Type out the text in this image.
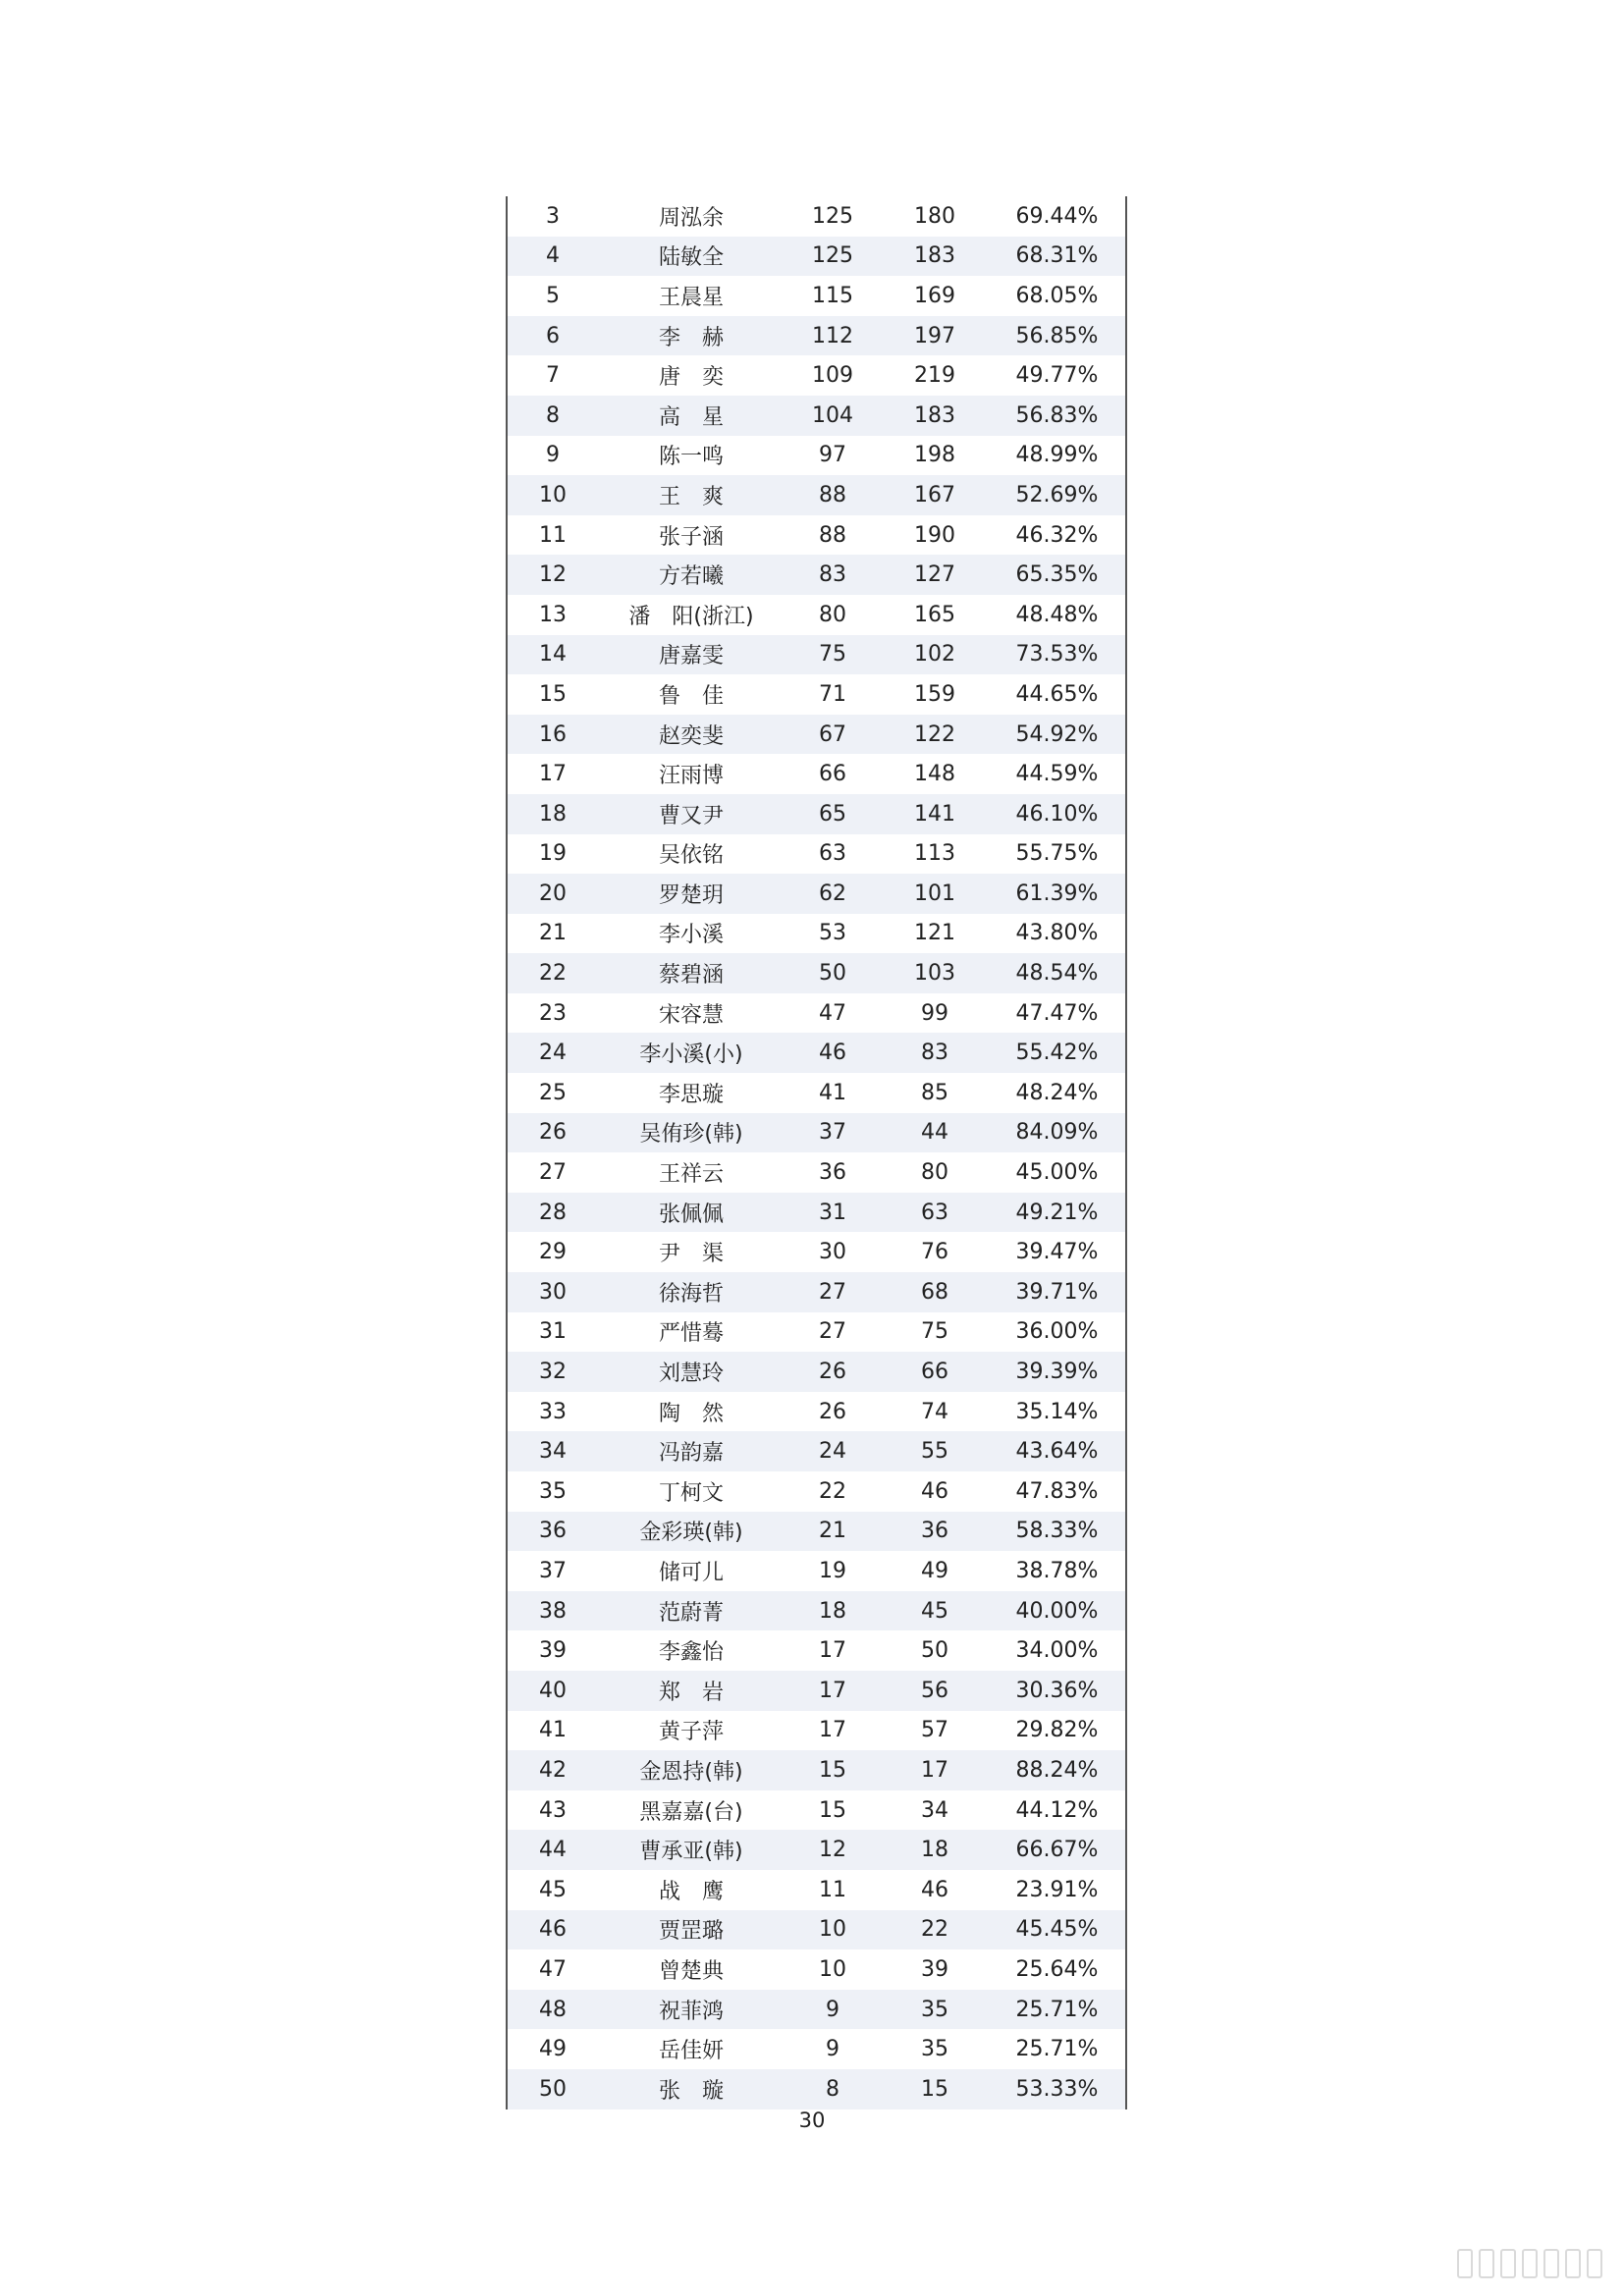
3	周泓余	125	180	69.44%
4	陆敏全	125	183	68.31%
5	王晨星	115	169	68.05%
6	李　赫	112	197	56.85%
7	唐　奕	109	219	49.77%
8	高　星	104	183	56.83%
9	陈一鸣	97	198	48.99%
10	王　爽	88	167	52.69%
11	张子涵	88	190	46.32%
12	方若曦	83	127	65.35%
13	潘　阳(浙江)	80	165	48.48%
14	唐嘉雯	75	102	73.53%
15	鲁　佳	71	159	44.65%
16	赵奕斐	67	122	54.92%
17	汪雨博	66	148	44.59%
18	曹又尹	65	141	46.10%
19	吴依铭	63	113	55.75%
20	罗楚玥	62	101	61.39%
21	李小溪	53	121	43.80%
22	蔡碧涵	50	103	48.54%
23	宋容慧	47	99	47.47%
24	李小溪(小)	46	83	55.42%
25	李思璇	41	85	48.24%
26	吴侑珍(韩)	37	44	84.09%
27	王祥云	36	80	45.00%
28	张佩佩	31	63	49.21%
29	尹　渠	30	76	39.47%
30	徐海哲	27	68	39.71%
31	严惜蓦	27	75	36.00%
32	刘慧玲	26	66	39.39%
33	陶　然	26	74	35.14%
34	冯韵嘉	24	55	43.64%
35	丁柯文	22	46	47.83%
36	金彩瑛(韩)	21	36	58.33%
37	储可儿	19	49	38.78%
38	范蔚菁	18	45	40.00%
39	李鑫怡	17	50	34.00%
40	郑　岩	17	56	30.36%
41	黄子萍	17	57	29.82%
42	金恩持(韩)	15	17	88.24%
43	黑嘉嘉(台)	15	34	44.12%
44	曹承亚(韩)	12	18	66.67%
45	战　鹰	11	46	23.91%
46	贾罡璐	10	22	45.45%
47	曾楚典	10	39	25.64%
48	祝菲鸿	9	35	25.71%
49	岳佳妍	9	35	25.71%
50	张　璇	8	15	53.33%
30
